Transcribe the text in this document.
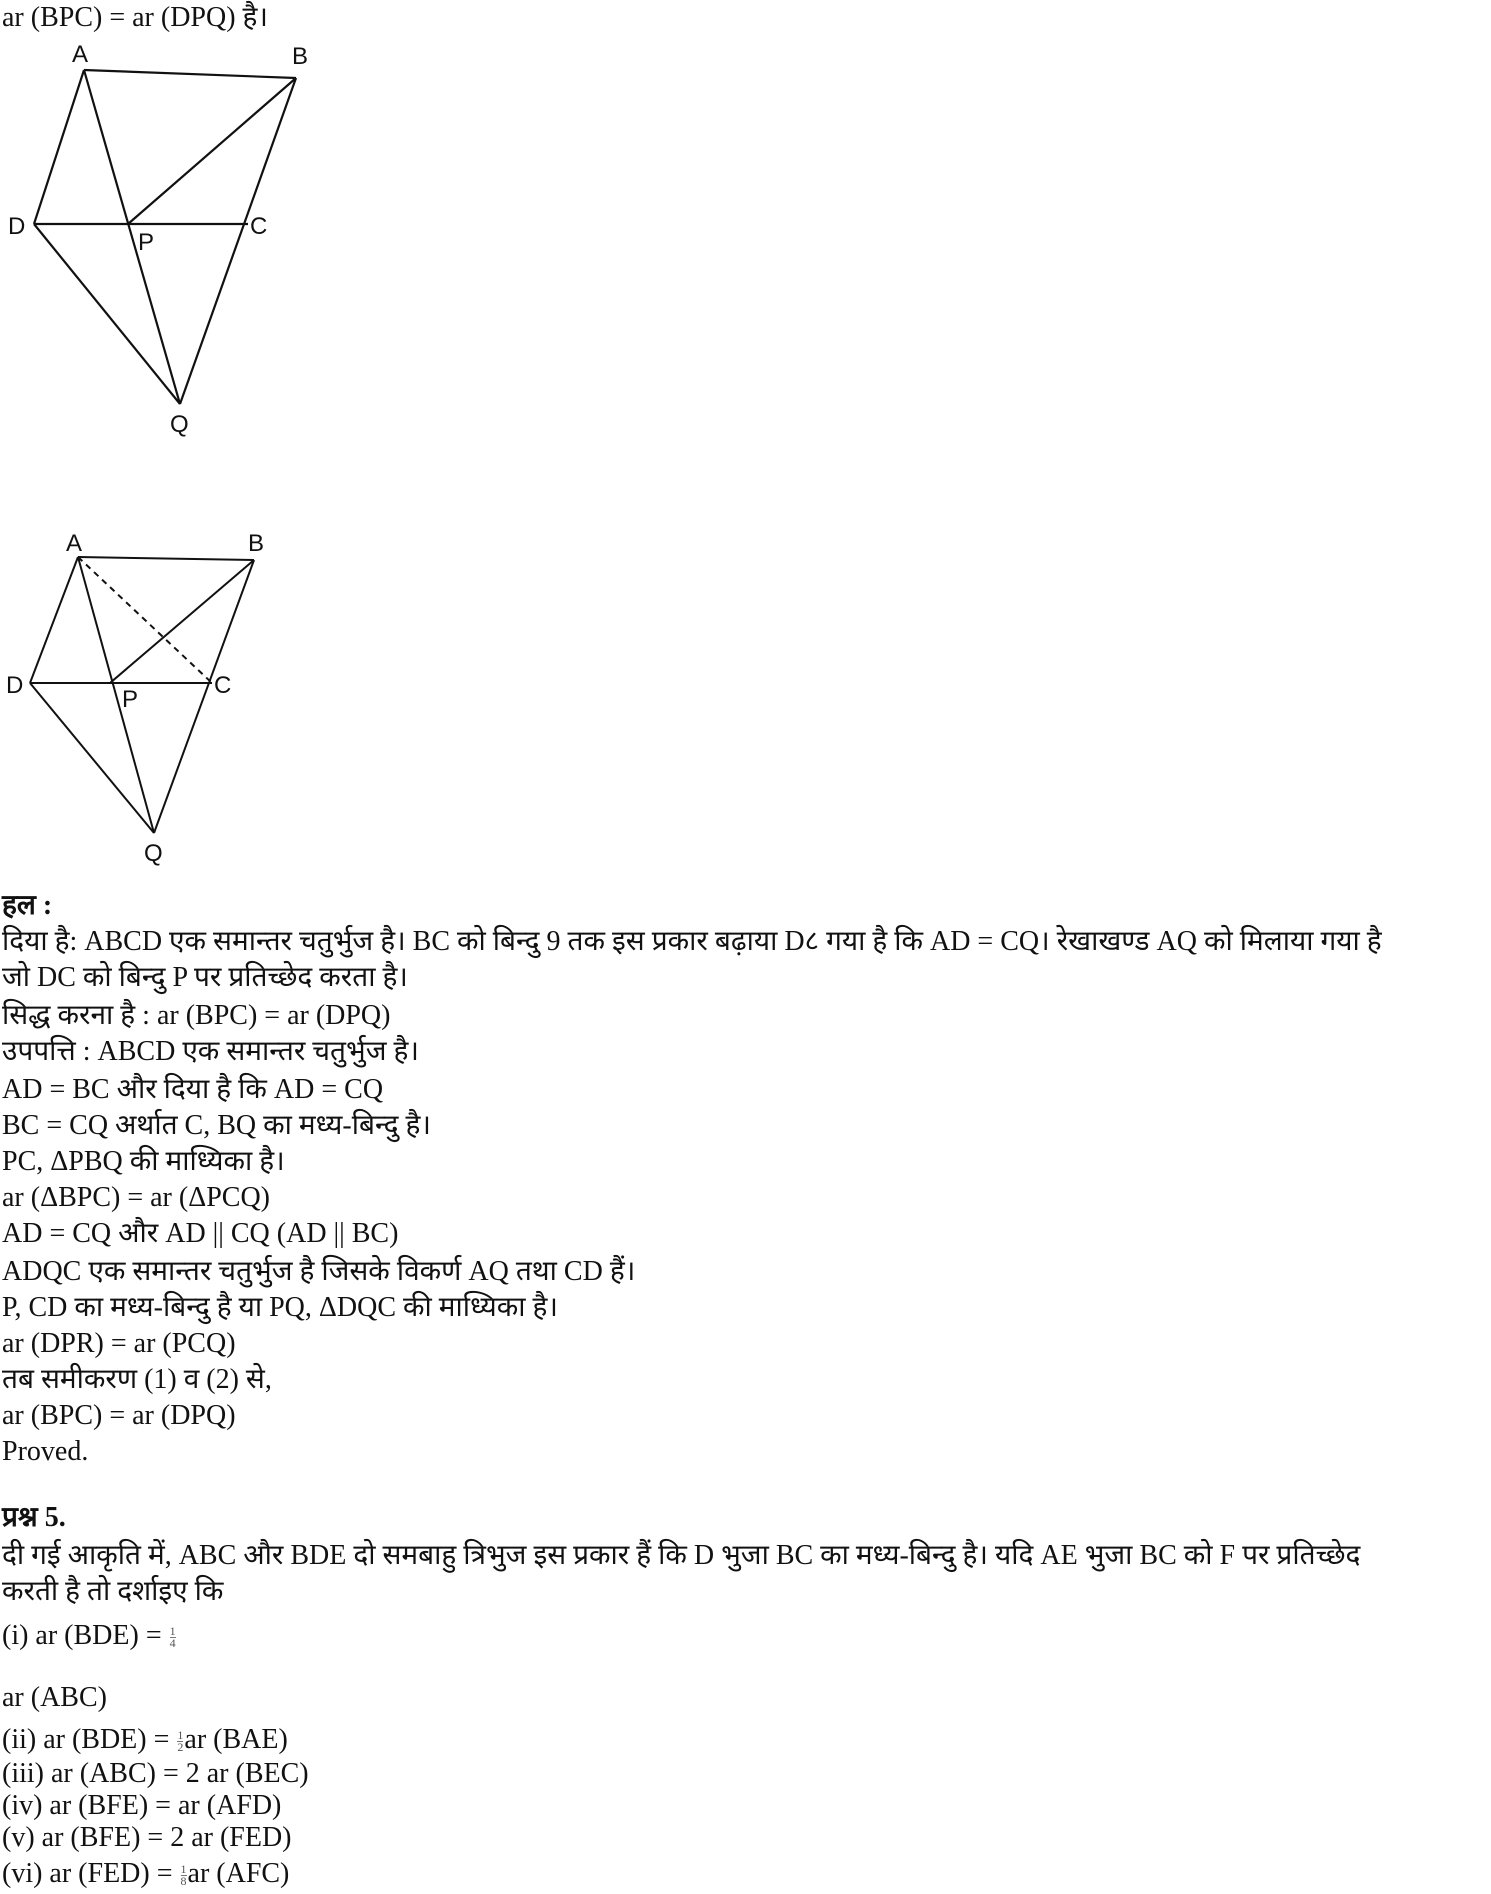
ar (BPC) = ar (DPQ) है।
A	B
D	C
P
Q
A	B
D	C
P
Q
हल :
दिया है: ABCD एक समान्तर चतुर्भुज है। BC को बिन्दु 9 तक इस प्रकार बढ़ाया D८ गया है कि AD = CQ। रेखाखण्ड AQ को मिलाया गया है
जो DC को बिन्दु P पर प्रतिच्छेद करता है।
सिद्ध करना है : ar (BPC) = ar (DPQ)
उपपत्ति : ABCD एक समान्तर चतुर्भुज है।
AD = BC और दिया है कि AD = CQ
BC = CQ अर्थात C, BQ का मध्य-बिन्दु है।
PC, ΔPBQ की माध्यिका है।
ar (ΔBPC) = ar (ΔPCQ)
AD = CQ और AD || CQ (AD || BC)
ADQC एक समान्तर चतुर्भुज है जिसके विकर्ण AQ तथा CD हैं।
P, CD का मध्य-बिन्दु है या PQ, ΔDQC की माध्यिका है।
ar (DPR) = ar (PCQ)
तब समीकरण (1) व (2) से,
ar (BPC) = ar (DPQ)
Proved.
प्रश्न 5.
दी गई आकृति में, ABC और BDE दो समबाहु त्रिभुज इस प्रकार हैं कि D भुजा BC का मध्य-बिन्दु है। यदि AE भुजा BC को F पर प्रतिच्छेद
करती है तो दर्शाइए कि
(i) ar $(BDE) = \frac{1}{4}$
ar (ABC)
(ii) ar $(BDE) = \frac{1}{2}$ ar (BAE)
(iii) ar (ABC) = 2 ar (BEC)
(iv) ar (BFE) = ar (AFD)
(v) ar (BFE) = 2 ar (FED)
(vi) ar $(FED) = \frac{1}{8}$ ar (AFC)
